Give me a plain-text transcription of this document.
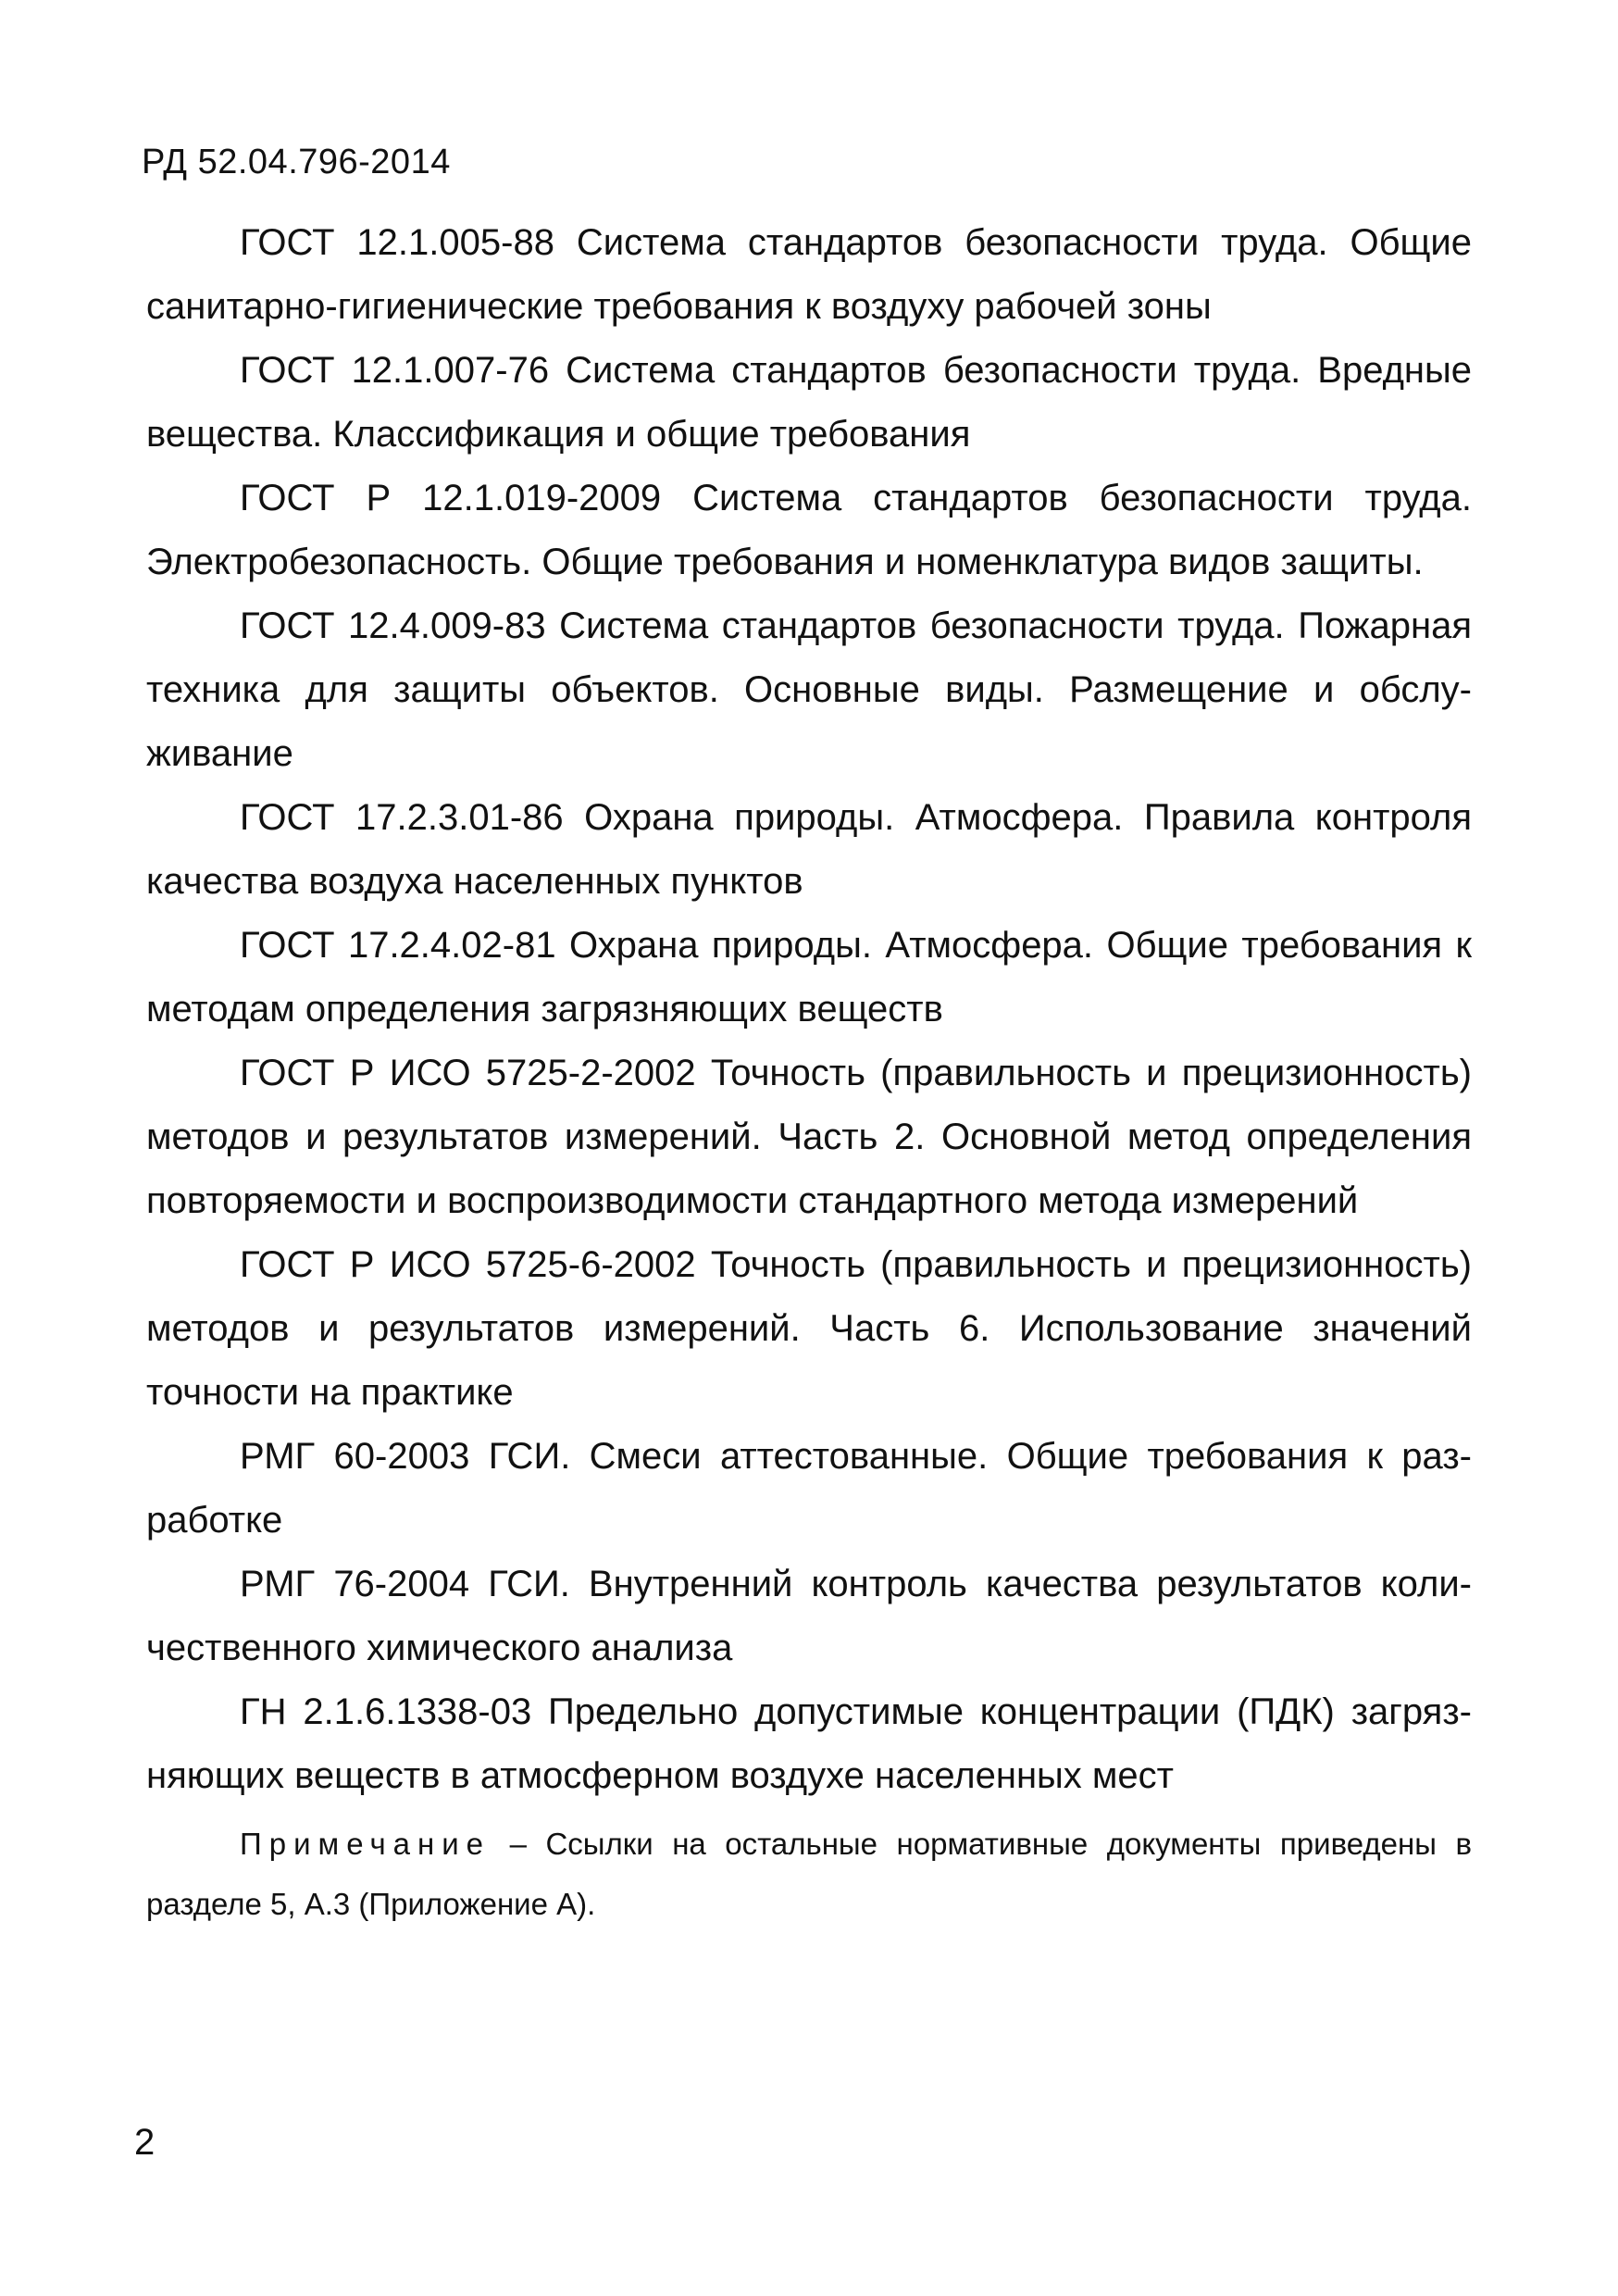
РД 52.04.796-2014

ГОСТ 12.1.005-88 Система стандартов безопасности труда. Общие санитарно-гигиенические требования к воздуху рабочей зоны

ГОСТ 12.1.007-76 Система стандартов безопасности труда. Вредные вещества. Классификация и общие требования

ГОСТ Р 12.1.019-2009 Система стандартов безопасности труда. Электробезопасность. Общие требования и номенклатура видов защиты.

ГОСТ 12.4.009-83 Система стандартов безопасности труда. Пожарная техника для защиты объектов. Основные виды. Размещение и обслуживание

ГОСТ 17.2.3.01-86 Охрана природы. Атмосфера. Правила контроля качества воздуха населенных пунктов

ГОСТ 17.2.4.02-81 Охрана природы. Атмосфера. Общие требования к методам определения загрязняющих веществ

ГОСТ Р ИСО 5725-2-2002 Точность (правильность и прецизионность) методов и результатов измерений. Часть 2. Основной метод определения повторяемости и воспроизводимости стандартного метода измерений

ГОСТ Р ИСО 5725-6-2002 Точность (правильность и прецизионность) методов и результатов измерений. Часть 6. Использование значений точности на практике

РМГ 60-2003 ГСИ. Смеси аттестованные. Общие требования к разработке

РМГ 76-2004 ГСИ. Внутренний контроль качества результатов количественного химического анализа

ГН 2.1.6.1338-03 Предельно допустимые концентрации (ПДК) загрязняющих веществ в атмосферном воздухе населенных мест

Примечание – Ссылки на остальные нормативные документы приведены в разделе 5, А.3 (Приложение А).

2
